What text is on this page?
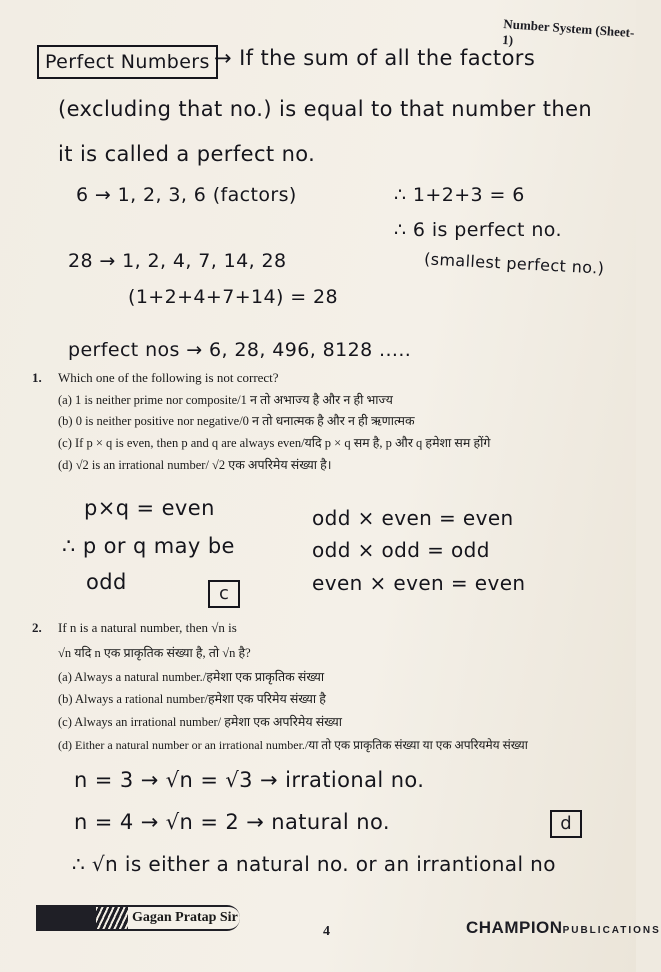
Number System (Sheet-1)
Perfect Numbers → If the sum of all the factors
(excluding that no.) is equal to that number then
it is called a perfect no.
6 → 1, 2, 3, 6 (factors)	∴ 1+2+3 = 6
∴ 6 is perfect no.
28 → 1, 2, 4, 7, 14, 28	(smallest perfect no.)
(1+2+4+7+14) = 28
perfect nos → 6, 28, 496, 8128 .....
1. Which one of the following is not correct?
(a) 1 is neither prime nor composite/1 न तो अभाज्य है और न ही भाज्य
(b) 0 is neither positive nor negative/0 न तो धनात्मक है और न ही ऋणात्मक
(c) If p × q is even, then p and q are always even/यदि p × q सम है, p और q हमेशा सम होंगे
(d) √2 is an irrational number/ √2 एक अपरिमेय संख्या है।
p×q = even
∴ p or q may be
odd	c
odd × even = even
odd × odd = odd
even × even = even
2. If n is a natural number, then √n is
√n यदि n एक प्राकृतिक संख्या है, तो √n है?
(a) Always a natural number./हमेशा एक प्राकृतिक संख्या
(b) Always a rational number/हमेशा एक परिमेय संख्या है
(c) Always an irrational number/ हमेशा एक अपरिमेय संख्या
(d) Either a natural number or an irrational number./या तो एक प्राकृतिक संख्या या एक अपरियमेय संख्या
n = 3 → √n = √3 → irrational no.
n = 4 → √n = 2 → natural no.	d
∴ √n is either a natural no. or an irrantional no
Gagan Pratap Sir
4	CHAMPIONPUBLICATIONS
